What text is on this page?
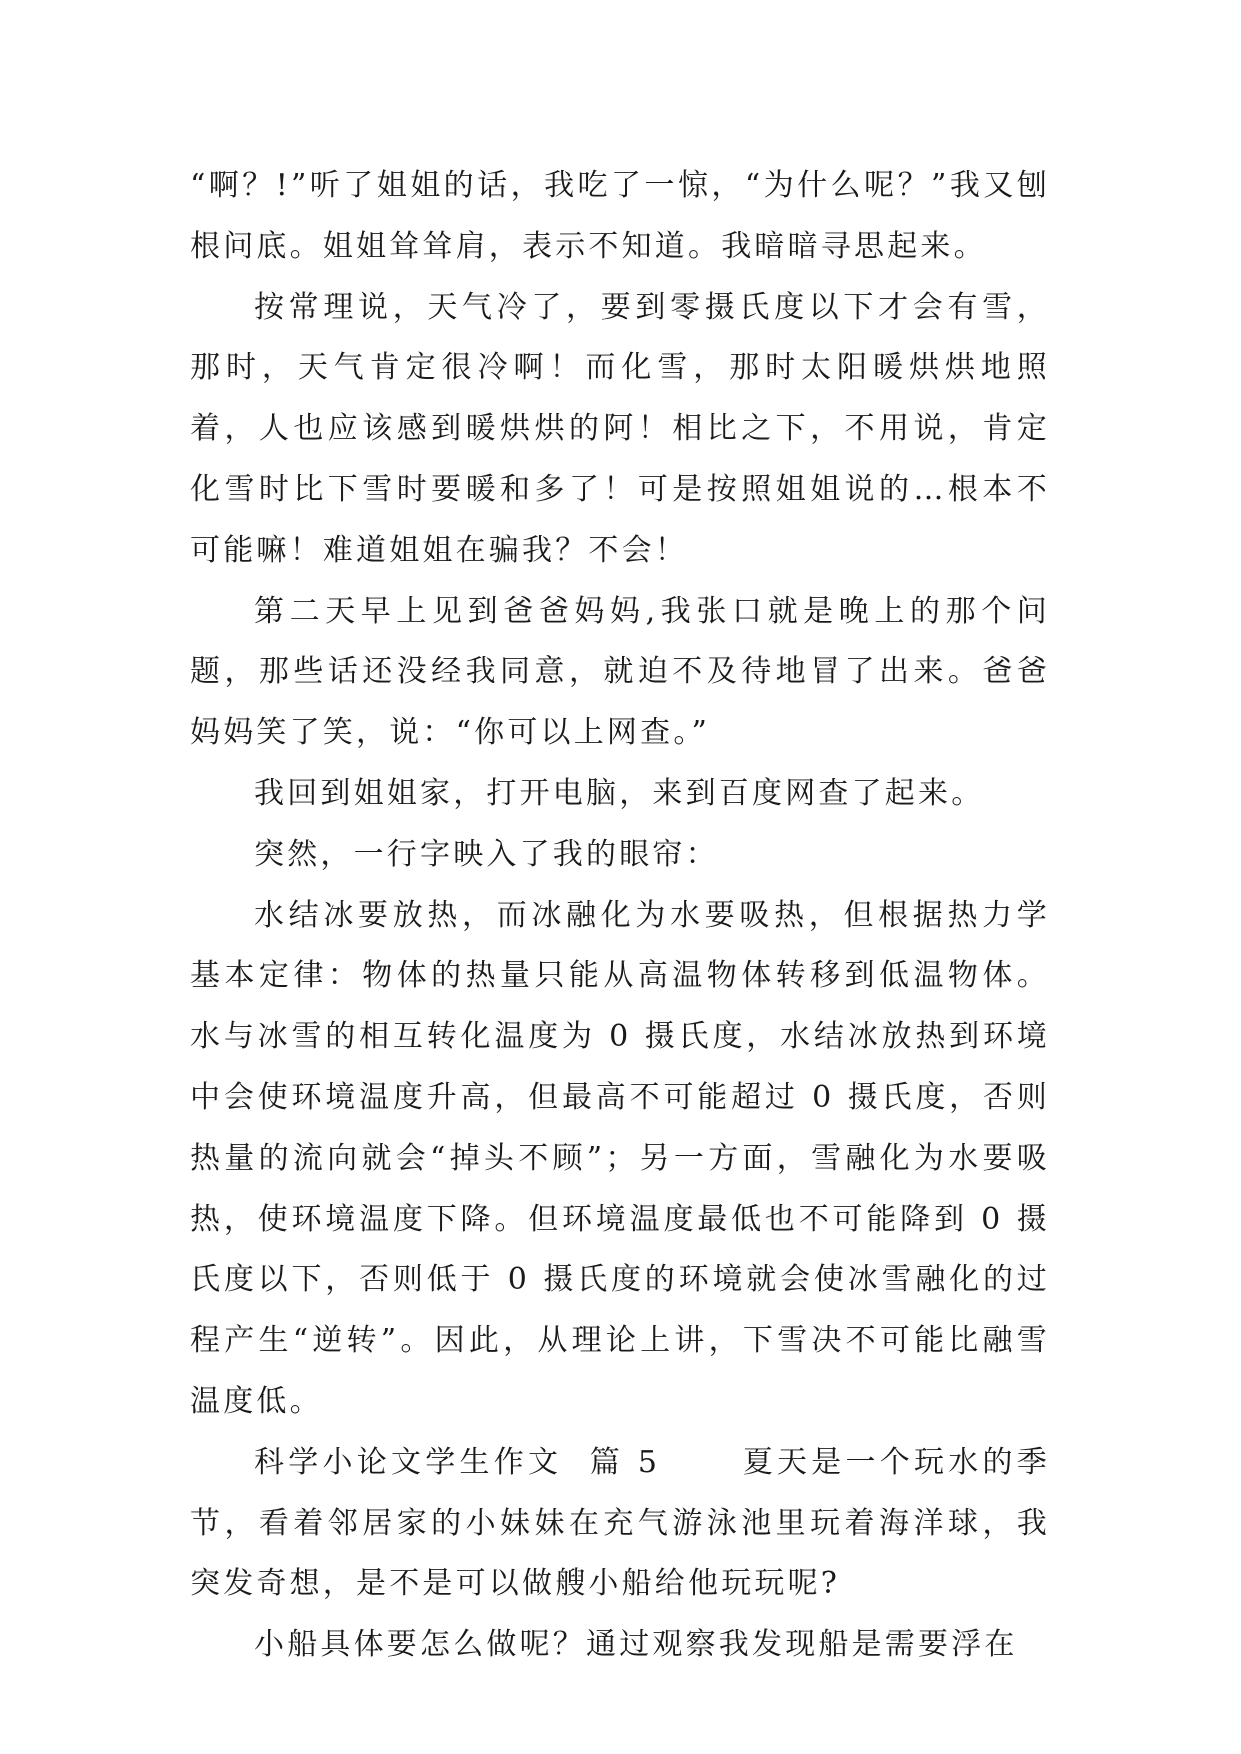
“啊？!”听了姐姐的话，我吃了一惊，“为什么呢？”我又刨根问底。姐姐耸耸肩，表示不知道。我暗暗寻思起来。

按常理说，天气冷了，要到零摄氏度以下才会有雪，那时，天气肯定很冷啊！而化雪，那时太阳暖烘烘地照着，人也应该感到暖烘烘的阿！相比之下，不用说，肯定化雪时比下雪时要暖和多了！可是按照姐姐说的…根本不可能嘛！难道姐姐在骗我？不会！

第二天早上见到爸爸妈妈,我张口就是晚上的那个问题，那些话还没经我同意，就迫不及待地冒了出来。爸爸妈妈笑了笑，说：“你可以上网查。”

我回到姐姐家，打开电脑，来到百度网查了起来。

突然，一行字映入了我的眼帘：

水结冰要放热，而冰融化为水要吸热，但根据热力学基本定律：物体的热量只能从高温物体转移到低温物体。水与冰雪的相互转化温度为 0 摄氏度，水结冰放热到环境中会使环境温度升高，但最高不可能超过 0 摄氏度，否则热量的流向就会“掉头不顾”；另一方面，雪融化为水要吸热，使环境温度下降。但环境温度最低也不可能降到 0 摄氏度以下，否则低于 0 摄氏度的环境就会使冰雪融化的过程产生“逆转”。因此，从理论上讲，下雪决不可能比融雪温度低。

科学小论文学生作文  篇 5      夏天是一个玩水的季节，看着邻居家的小妹妹在充气游泳池里玩着海洋球，我突发奇想，是不是可以做艘小船给他玩玩呢?

小船具体要怎么做呢？通过观察我发现船是需要浮在
